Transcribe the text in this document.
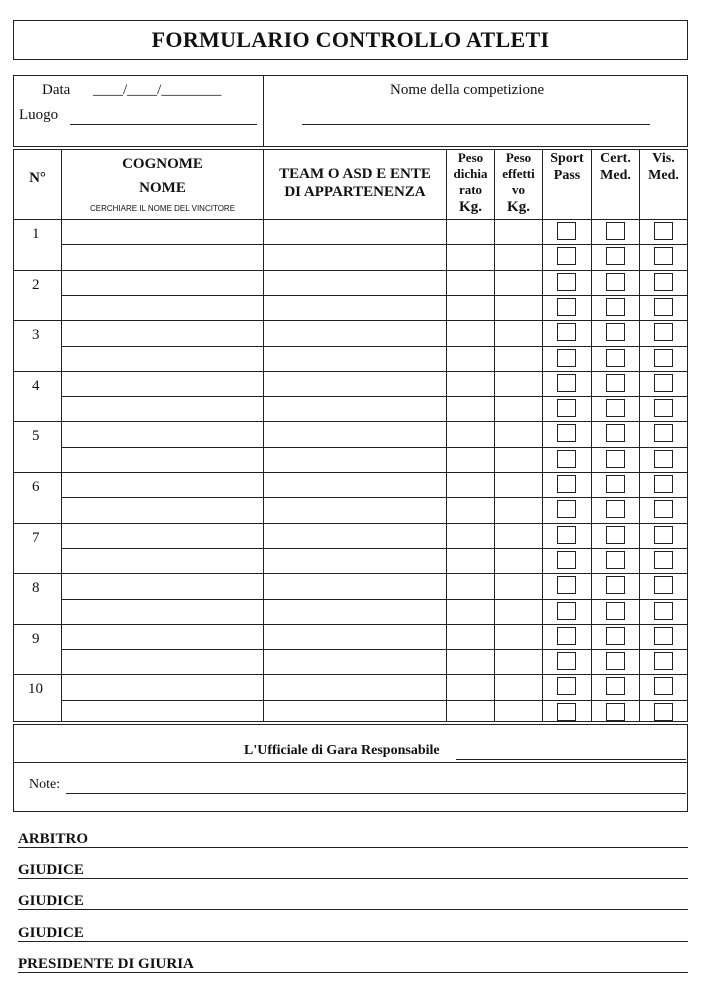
FORMULARIO CONTROLLO ATLETI
Data ____/____/________
Luogo
Nome della competizione
N°
COGNOME
NOME
CERCHIARE IL NOME DEL VINCITORE
TEAM O ASD E ENTE
DI APPARTENENZA
Peso
dichia
rato
Kg.
Peso
effetti
vo
Kg.
Sport
Pass
Cert.
Med.
Vis.
Med.
L'Ufficiale di Gara Responsabile
Note:
1
2
3
4
5
6
7
8
9
10
ARBITRO
GIUDICE
GIUDICE
GIUDICE
PRESIDENTE DI GIURIA
